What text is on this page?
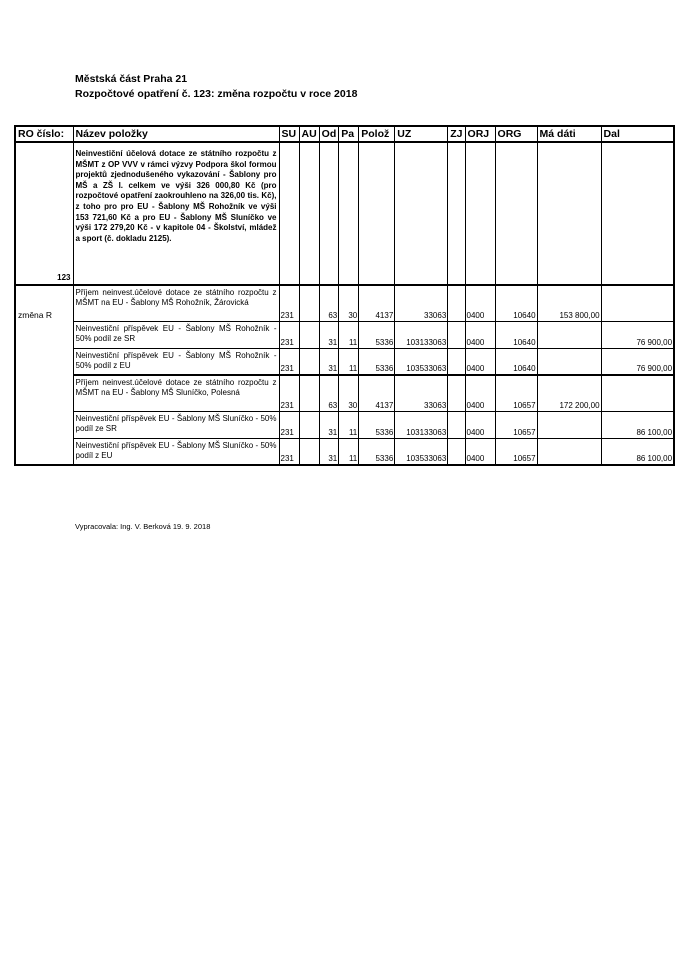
Městská část Praha 21
Rozpočtové opatření č. 123: změna rozpočtu v roce 2018
RO číslo:	Název položky	SU	AU	Od	Pa	Polož	UZ	ZJ	ORJ	ORG	Má dáti	Dal
123	Neinvestiční účelová dotace ze státního rozpočtu z MŠMT z OP VVV v rámci výzvy Podpora škol formou projektů zjednodušeného vykazování - Šablony pro MŠ a ZŠ I. celkem ve výši 326 000,80 Kč (pro rozpočtové opatření zaokrouhleno na 326,00 tis. Kč), z toho pro pro EU - Šablony MŠ Rohožník ve výši 153 721,60 Kč a pro EU - Šablony MŠ Sluníčko ve výši 172 279,20 Kč - v kapitole 04 - Školství, mládež a sport (č. dokladu 2125).											
změna R	Příjem neinvest.účelové dotace ze státního rozpočtu z MŠMT na EU - Šablony MŠ Rohožník, Žárovická	231		63	30	4137	33063		0400	10640	153 800,00	
	Neinvestiční příspěvek EU - Šablony MŠ Rohožník - 50% podíl ze SR	231		31	11	5336	103133063		0400	10640		76 900,00
	Neinvestiční příspěvek EU - Šablony MŠ Rohožník - 50% podíl z EU	231		31	11	5336	103533063		0400	10640		76 900,00
	Příjem neinvest.účelové dotace ze státního rozpočtu z MŠMT na EU - Šablony MŠ Sluníčko, Polesná	231		63	30	4137	33063		0400	10657	172 200,00	
	Neinvestiční příspěvek EU - Šablony MŠ Sluníčko - 50% podíl ze SR	231		31	11	5336	103133063		0400	10657		86 100,00
	Neinvestiční příspěvek EU - Šablony MŠ Sluníčko - 50% podíl z EU	231		31	11	5336	103533063		0400	10657		86 100,00
Vypracovala: Ing. V. Berková 19. 9. 2018
